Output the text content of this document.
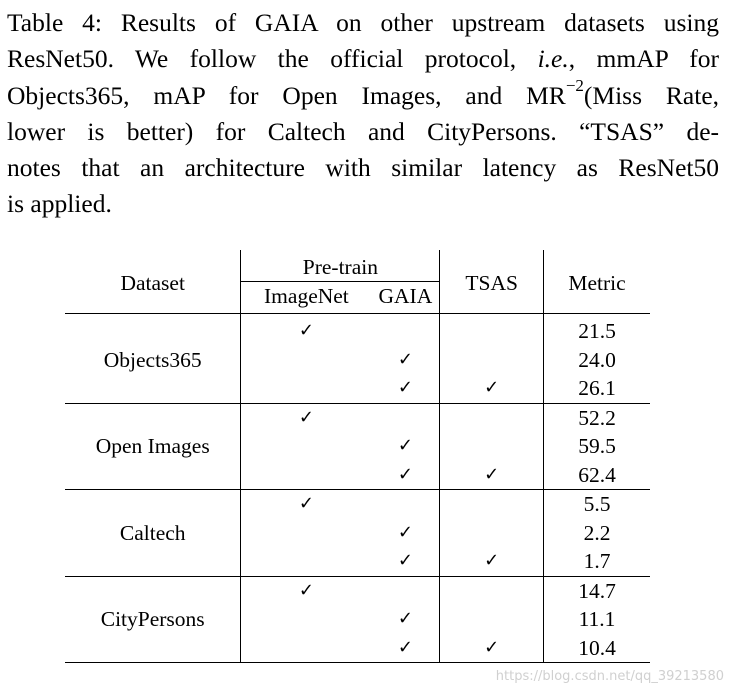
Table 4: Results of GAIA on other upstream datasets using
ResNet50. We follow the official protocol, i.e., mmAP for
Objects365, mAP for Open Images, and $MR^{-2}(Miss$ Rate,
lower is better) for Caltech and CityPersons. “TSAS” de-
notes that an architecture with similar latency as ResNet50
is applied.
Dataset	Pre-train		TSAS	Metric
	ImageNet	GAIA		

Objects365	✓			21.5
		✓		24.0
		✓	✓	26.1
Open Images	✓			52.2
		✓		59.5
		✓	✓	62.4
Caltech	✓			5.5
		✓		2.2
		✓	✓	1.7
CityPersons	✓			14.7
		✓		11.1
		✓	✓	10.4
https://blog.csdn.net/qq_39213580
